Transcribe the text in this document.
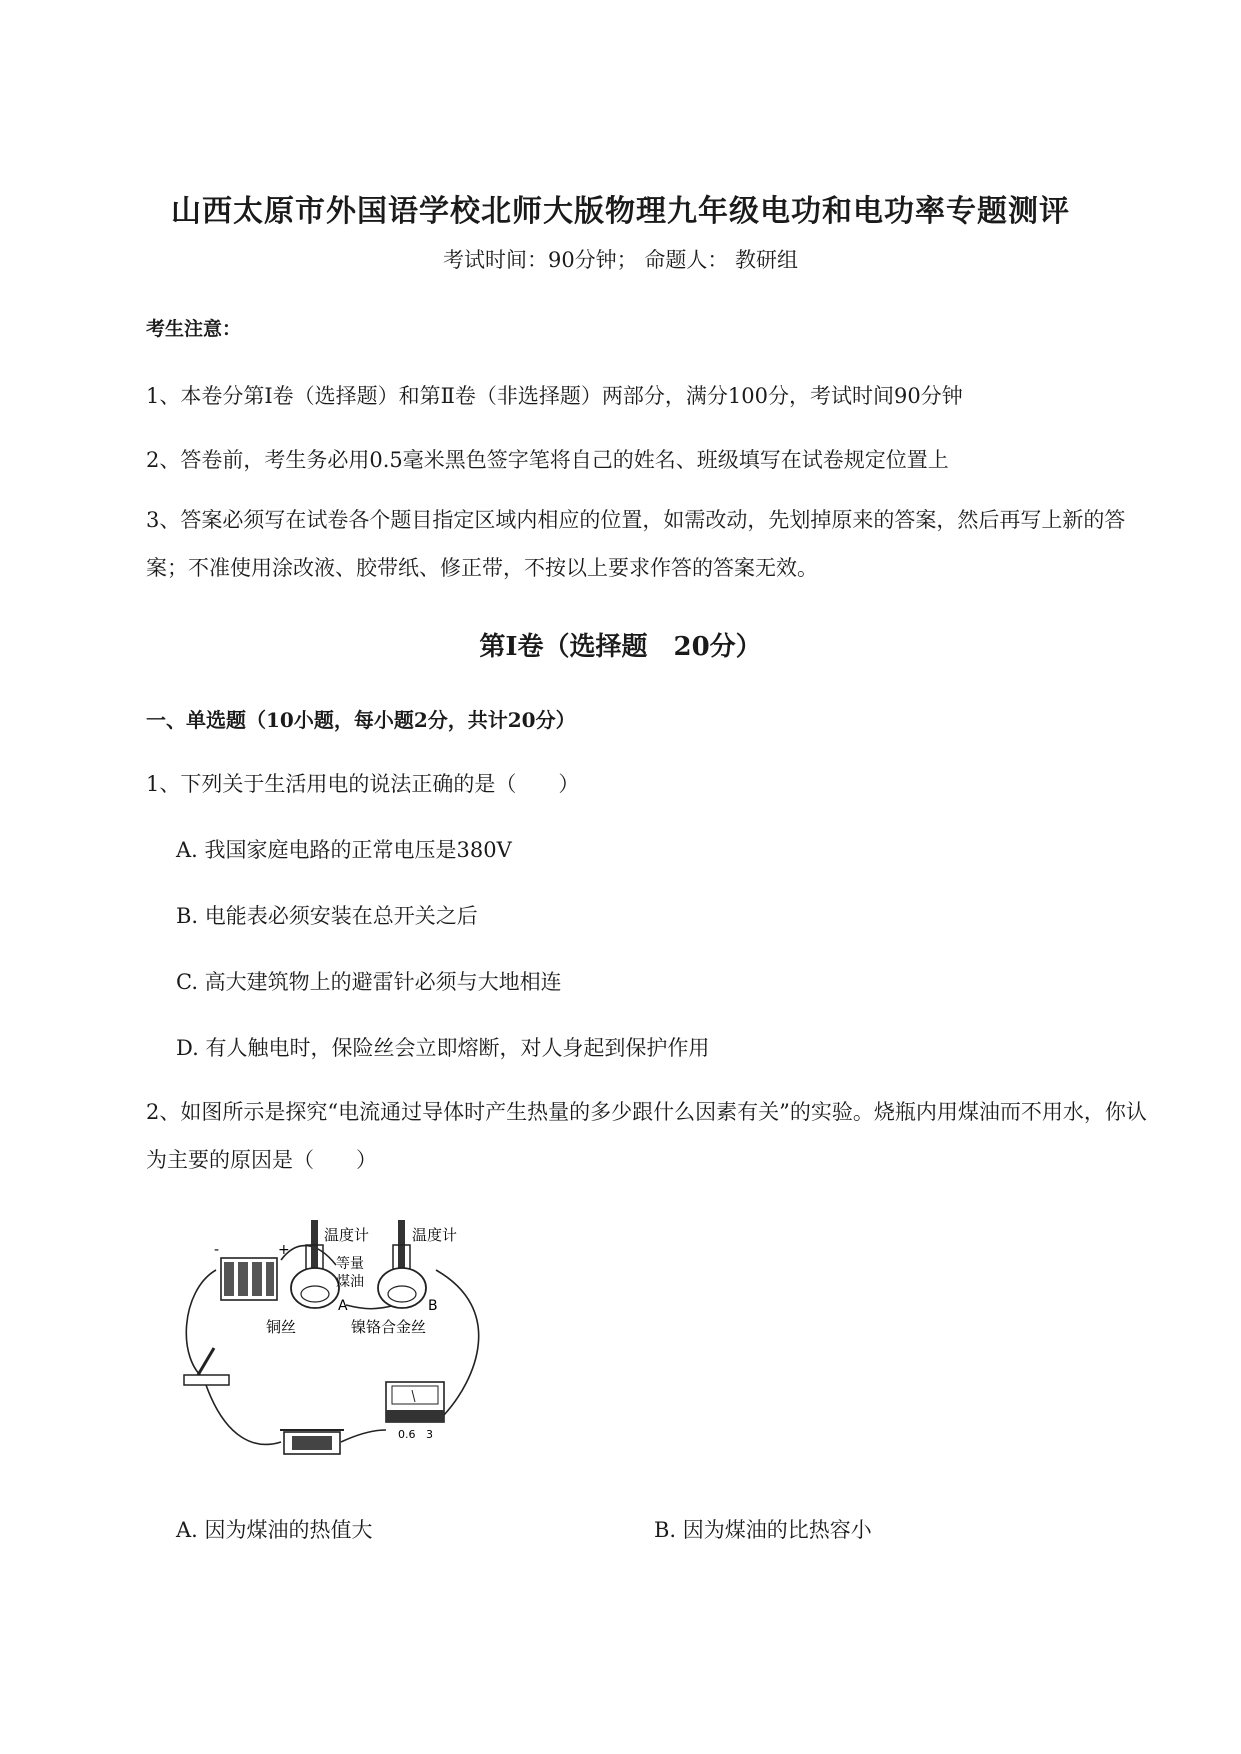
山西太原市外国语学校北师大版物理九年级电功和电功率专题测评
考试时间：90分钟； 命题人： 教研组
考生注意：
1、本卷分第Ⅰ卷（选择题）和第Ⅱ卷（非选择题）两部分，满分100分，考试时间90分钟
2、答卷前，考生务必用0.5毫米黑色签字笔将自己的姓名、班级填写在试卷规定位置上
3、答案必须写在试卷各个题目指定区域内相应的位置，如需改动，先划掉原来的答案，然后再写上新的答案；不准使用涂改液、胶带纸、修正带，不按以上要求作答的答案无效。
第Ⅰ卷（选择题　20分）
一、单选题（10小题，每小题2分，共计20分）
1、下列关于生活用电的说法正确的是（　　）
A. 我国家庭电路的正常电压是380V
B. 电能表必须安装在总开关之后
C. 高大建筑物上的避雷针必须与大地相连
D. 有人触电时，保险丝会立即熔断，对人身起到保护作用
2、如图所示是探究“电流通过导体时产生热量的多少跟什么因素有关”的实验。烧瓶内用煤油而不用水，你认为主要的原因是（　　）
-	+
温度计	温度计
等量
煤油
A	B
铜丝	镍铬合金丝
0.6 3
A. 因为煤油的热值大	B. 因为煤油的比热容小
